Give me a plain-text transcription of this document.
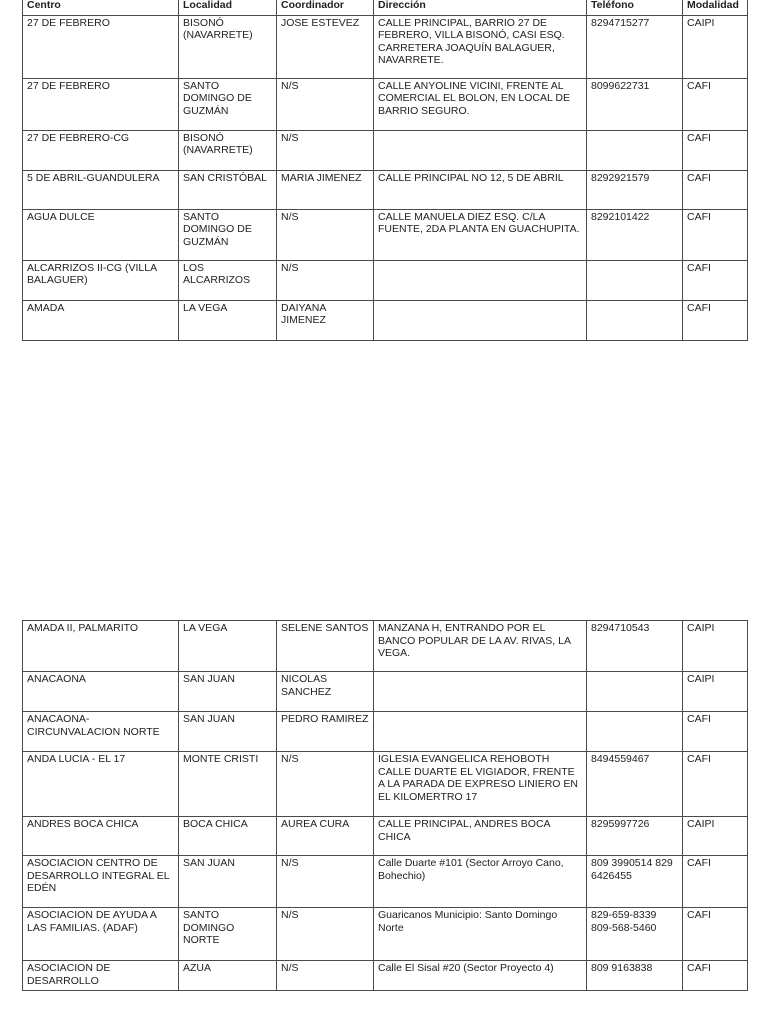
Centro	Localidad	Coordinador	Dirección	Teléfono	Modalidad
27 DE FEBRERO	BISONÓ (NAVARRETE)	JOSE ESTEVEZ	CALLE PRINCIPAL, BARRIO 27 DE FEBRERO, VILLA BISONÓ, CASI ESQ. CARRETERA JOAQUÍN BALAGUER, NAVARRETE.	8294715277	CAIPI
27 DE FEBRERO	SANTO DOMINGO DE GUZMÁN	N/S	CALLE ANYOLINE VICINI, FRENTE AL COMERCIAL EL BOLON, EN LOCAL DE BARRIO SEGURO.	8099622731	CAFI
27 DE FEBRERO-CG	BISONÓ (NAVARRETE)	N/S			CAFI
5 DE ABRIL-GUANDULERA	SAN CRISTÓBAL	MARIA JIMENEZ	CALLE PRINCIPAL NO 12, 5 DE ABRIL	8292921579	CAFI
AGUA DULCE	SANTO DOMINGO DE GUZMÁN	N/S	CALLE MANUELA DIEZ ESQ. C/LA FUENTE, 2DA PLANTA EN GUACHUPITA.	8292101422	CAFI
ALCARRIZOS II-CG (VILLA BALAGUER)	LOS ALCARRIZOS	N/S			CAFI
AMADA	LA VEGA	DAIYANA JIMENEZ			CAFI
AMADA II, PALMARITO	LA VEGA	SELENE SANTOS	MANZANA H, ENTRANDO POR EL BANCO POPULAR DE LA AV. RIVAS, LA VEGA.	8294710543	CAIPI
ANACAONA	SAN JUAN	NICOLAS SANCHEZ			CAIPI
ANACAONA-CIRCUNVALACION NORTE	SAN JUAN	PEDRO RAMIREZ			CAFI
ANDA LUCIA - EL 17	MONTE CRISTI	N/S	IGLESIA EVANGELICA REHOBOTH CALLE DUARTE EL VIGIADOR, FRENTE A LA PARADA DE EXPRESO LINIERO EN EL KILOMERTRO 17	8494559467	CAFI
ANDRES BOCA CHICA	BOCA CHICA	AUREA CURA	CALLE PRINCIPAL, ANDRES BOCA CHICA	8295997726	CAIPI
ASOCIACION CENTRO DE DESARROLLO INTEGRAL EL EDÉN	SAN JUAN	N/S	Calle Duarte #101 (Sector Arroyo Cano, Bohechio)	809 3990514 829 6426455	CAFI
ASOCIACION DE AYUDA A LAS FAMILIAS. (ADAF)	SANTO DOMINGO NORTE	N/S	Guaricanos Municipio: Santo Domingo Norte	829-659-8339 809-568-5460	CAFI
ASOCIACION DE DESARROLLO	AZUA	N/S	Calle El Sisal #20 (Sector Proyecto 4)	809 9163838	CAFI
